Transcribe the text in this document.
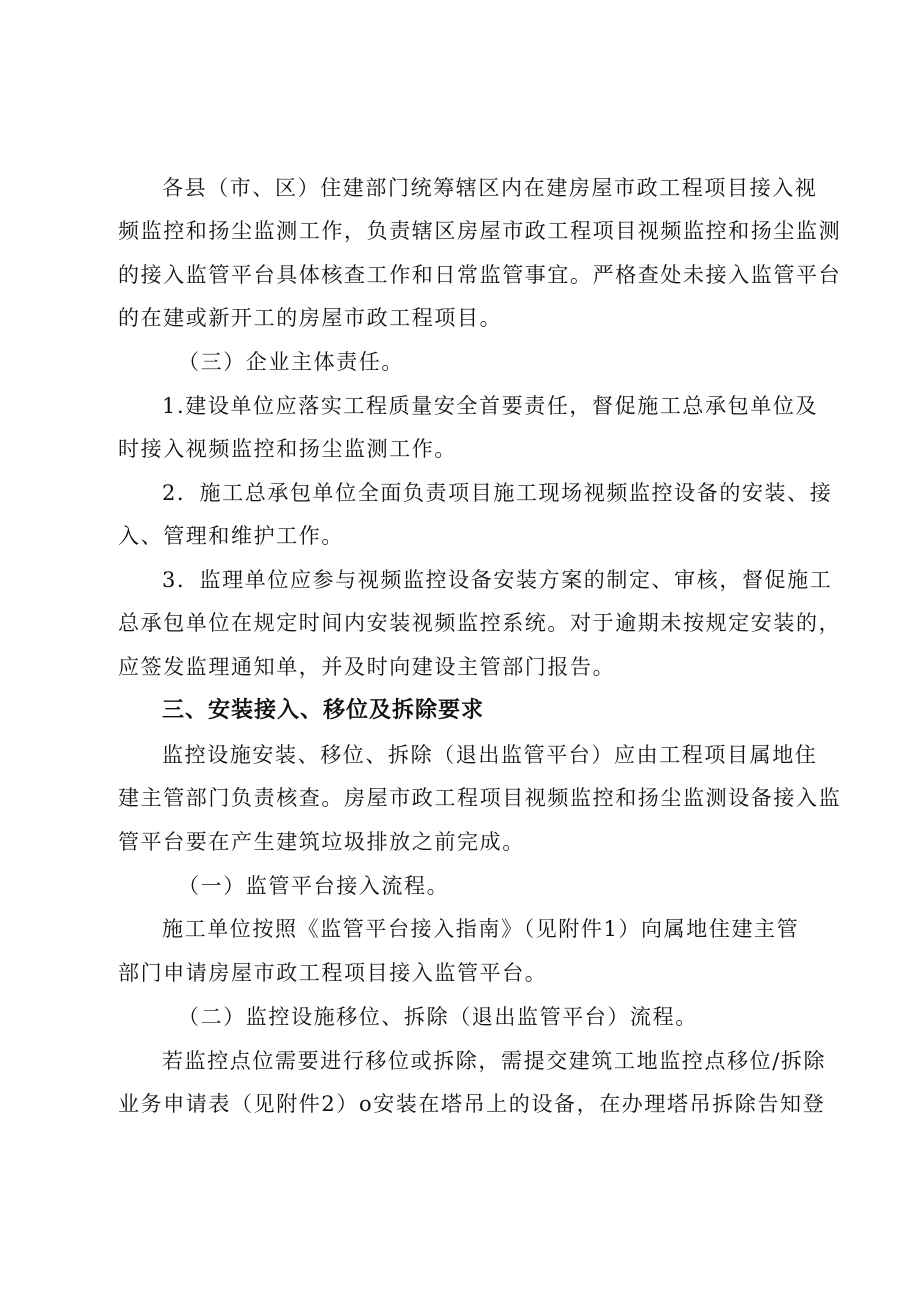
各县（市、区）住建部门统筹辖区内在建房屋市政工程项目接入视
频监控和扬尘监测工作，负责辖区房屋市政工程项目视频监控和扬尘监测
的接入监管平台具体核查工作和日常监管事宜。严格查处未接入监管平台
的在建或新开工的房屋市政工程项目。
（三）企业主体责任。
1.建设单位应落实工程质量安全首要责任，督促施工总承包单位及
时接入视频监控和扬尘监测工作。
2．施工总承包单位全面负责项目施工现场视频监控设备的安装、接
入、管理和维护工作。
3．监理单位应参与视频监控设备安装方案的制定、审核，督促施工
总承包单位在规定时间内安装视频监控系统。对于逾期未按规定安装的，
应签发监理通知单，并及时向建设主管部门报告。
三、安装接入、移位及拆除要求
监控设施安装、移位、拆除（退出监管平台）应由工程项目属地住
建主管部门负责核查。房屋市政工程项目视频监控和扬尘监测设备接入监
管平台要在产生建筑垃圾排放之前完成。
（一）监管平台接入流程。
施工单位按照《监管平台接入指南》（见附件1）向属地住建主管
部门申请房屋市政工程项目接入监管平台。
（二）监控设施移位、拆除（退出监管平台）流程。
若监控点位需要进行移位或拆除，需提交建筑工地监控点移位/拆除
业务申请表（见附件2）o安装在塔吊上的设备，在办理塔吊拆除告知登
